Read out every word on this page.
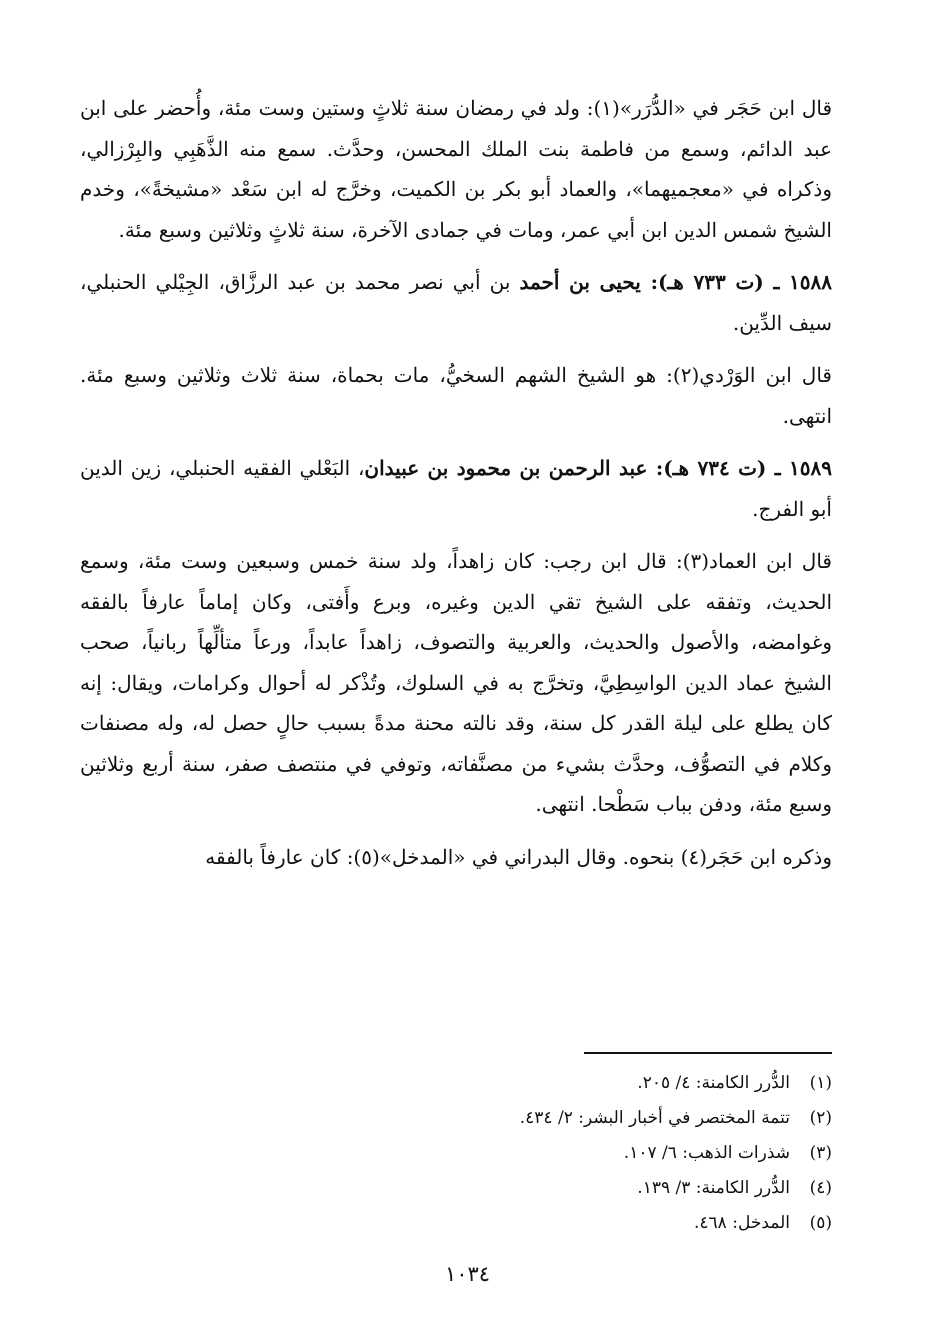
قال ابن حَجَر في «الدُّرَر»(١): ولد في رمضان سنة ثلاثٍ وستين وست مئة، وأُحضر على ابن عبد الدائم، وسمع من فاطمة بنت الملك المحسن، وحدَّث. سمع منه الذَّهَبِي والبِرْزالي، وذكراه في «معجميهما»، والعماد أبو بكر بن الكميت، وخرَّج له ابن سَعْد «مشيخةً»، وخدم الشيخ شمس الدين ابن أبي عمر، ومات في جمادى الآخرة، سنة ثلاثٍ وثلاثين وسبع مئة.

١٥٨٨ ـ (ت ٧٣٣ هـ): يحيى بن أحمد بن أبي نصر محمد بن عبد الرزَّاق، الجِيْلي الحنبلي، سيف الدِّين.

قال ابن الوَرْدي(٢): هو الشيخ الشهم السخيُّ، مات بحماة، سنة ثلاث وثلاثين وسبع مئة. انتهى.

١٥٨٩ ـ (ت ٧٣٤ هـ): عبد الرحمن بن محمود بن عبيدان، البَعْلي الفقيه الحنبلي، زين الدين أبو الفرج.

قال ابن العماد(٣): قال ابن رجب: كان زاهداً، ولد سنة خمس وسبعين وست مئة، وسمع الحديث، وتفقه على الشيخ تقي الدين وغيره، وبرع وأَفتى، وكان إماماً عارفاً بالفقه وغوامضه، والأصول والحديث، والعربية والتصوف، زاهداً عابداً، ورعاً متألِّهاً ربانياً، صحب الشيخ عماد الدين الواسِطِيَّ، وتخرَّج به في السلوك، وتُذْكر له أحوال وكرامات، ويقال: إنه كان يطلع على ليلة القدر كل سنة، وقد نالته محنة مدةً بسبب حالٍ حصل له، وله مصنفات وكلام في التصوُّف، وحدَّث بشيء من مصنَّفاته، وتوفي في منتصف صفر، سنة أربع وثلاثين وسبع مئة، ودفن بباب سَطْحا. انتهى.

وذكره ابن حَجَر(٤) بنحوه. وقال البدراني في «المدخل»(٥): كان عارفاً بالفقه

(١)
الدُّرر الكامنة: ٤/ ٢٠٥.
(٢)
تتمة المختصر في أخبار البشر: ٢/ ٤٣٤.
(٣)
شذرات الذهب: ٦/ ١٠٧.
(٤)
الدُّرر الكامنة: ٣/ ١٣٩.
(٥)
المدخل: ٤٦٨.
١٠٣٤
